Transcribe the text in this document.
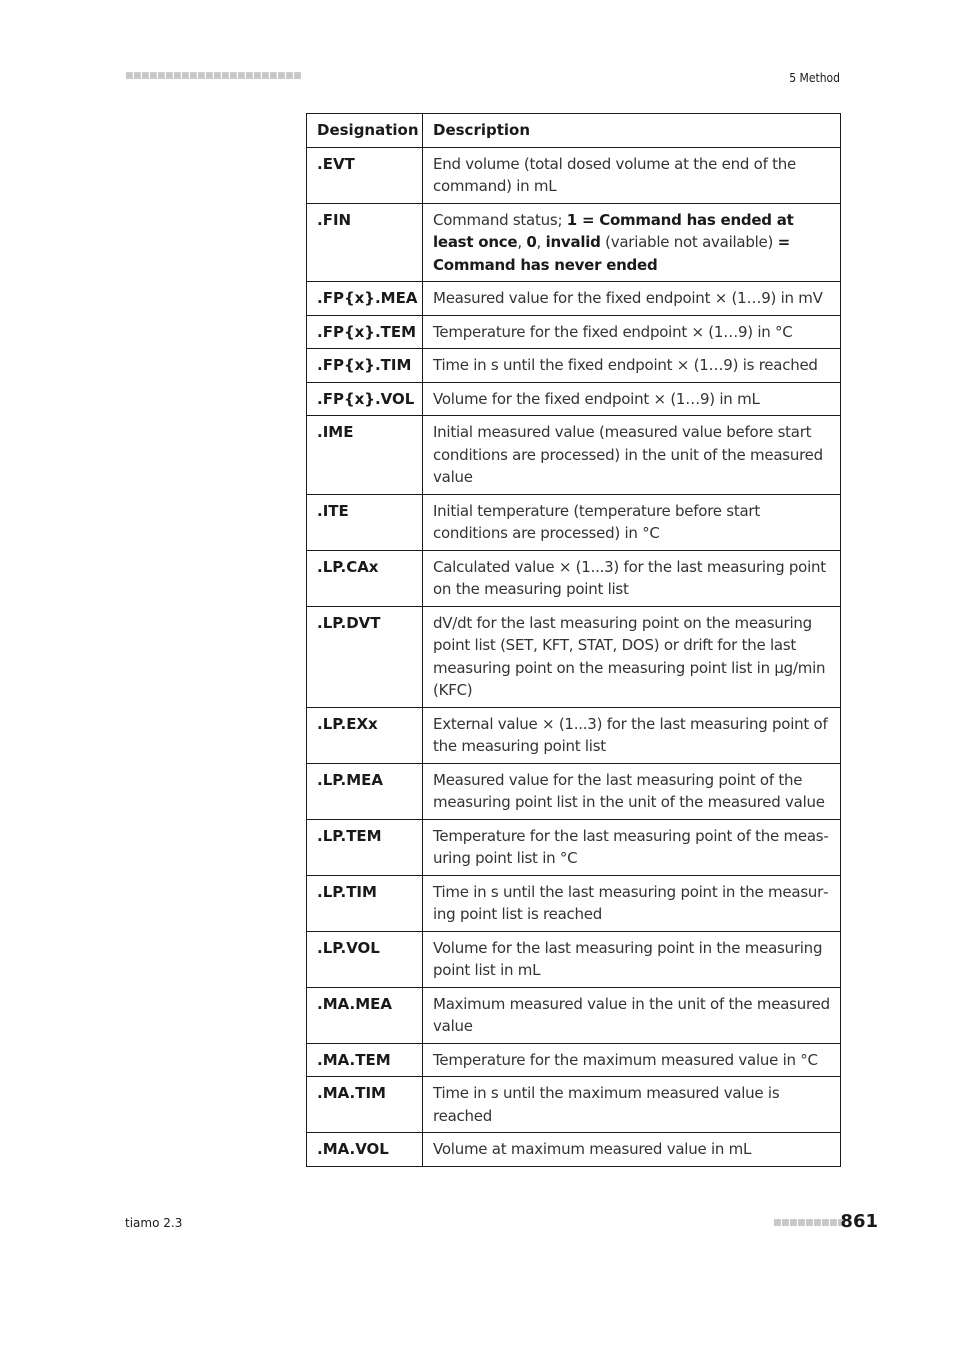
■■■■■■■■■■■■■■■■■■■■■■	5 Method
Designation	Description
.EVT	End volume (total dosed volume at the end of the command) in mL
.FIN	Command status; 1 = Command has ended at least once, 0, invalid (variable not available) = Command has never ended
.FP{x}.MEA	Measured value for the fixed endpoint × (1…9) in mV
.FP{x}.TEM	Temperature for the fixed endpoint × (1…9) in °C
.FP{x}.TIM	Time in s until the fixed endpoint × (1…9) is reached
.FP{x}.VOL	Volume for the fixed endpoint × (1…9) in mL
.IME	Initial measured value (measured value before start conditions are processed) in the unit of the measured value
.ITE	Initial temperature (temperature before start conditions are processed) in °C
.LP.CAx	Calculated value × (1...3) for the last measuring point on the measuring point list
.LP.DVT	dV/dt for the last measuring point on the measuring point list (SET, KFT, STAT, DOS) or drift for the last measuring point on the measuring point list in µg/min (KFC)
.LP.EXx	External value × (1...3) for the last measuring point of the measuring point list
.LP.MEA	Measured value for the last measuring point of the measuring point list in the unit of the measured value
.LP.TEM	Temperature for the last measuring point of the measuring point list in °C
.LP.TIM	Time in s until the last measuring point in the measuring point list is reached
.LP.VOL	Volume for the last measuring point in the measuring point list in mL
.MA.MEA	Maximum measured value in the unit of the measured value
.MA.TEM	Temperature for the maximum measured value in °C
.MA.TIM	Time in s until the maximum measured value is reached
.MA.VOL	Volume at maximum measured value in mL
tiamo 2.3	■■■■■■■■■
861
